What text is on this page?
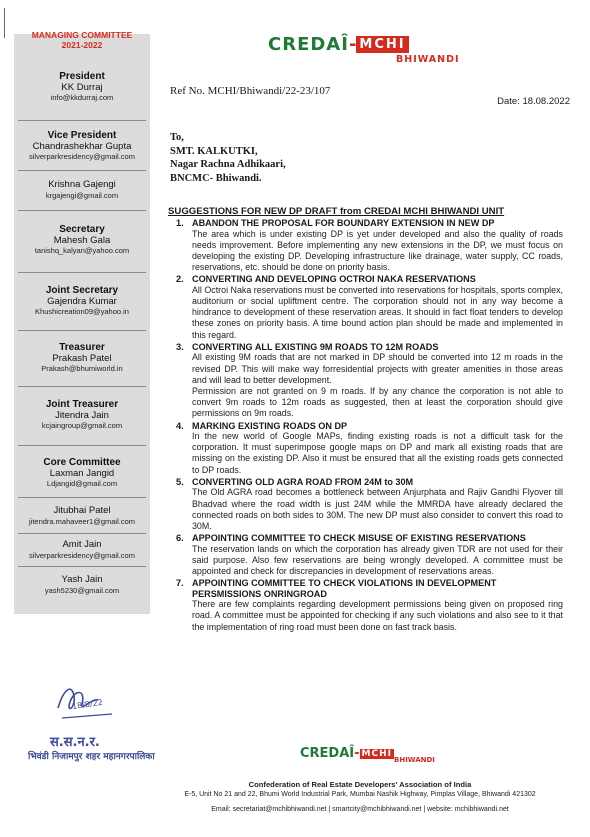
MANAGING COMMITTEE
2021-2022
President
KK Durraj
info@kkdurraj.com
Vice President
Chandrashekhar Gupta
silverparkresidency@gmail.com
Krishna Gajengi
krgajengi@gmail.com
Secretary
Mahesh Gala
tanishq_kalyan@yahoo.com
Joint Secretary
Gajendra Kumar
Khushicreation09@yahoo.in
Treasurer
Prakash Patel
Prakash@bhumiworld.in
Joint Treasurer
Jitendra Jain
kcjaingroup@gmail.com
Core Committee
Laxman Jangid
Ldjangid@gmail.com
Jitubhai Patel
jitendra.mahaveer1@gmail.com
Amit Jain
silverparkresidency@gmail.com
Yash Jain
yash5230@gmail.com
CREDAÎ- MCHI
BHIWANDI
Ref No. MCHI/Bhiwandi/22-23/107
Date: 18.08.2022
To,
SMT. KALKUTKI,
Nagar Rachna Adhikaari,
BNCMC- Bhiwandi.
SUGGESTIONS FOR NEW DP DRAFT from CREDAI MCHI BHIWANDI UNIT
1. ABANDON THE PROPOSAL FOR BOUNDARY EXTENSION IN NEW DP
The area which is under existing DP is yet under developed and also the quality of roads needs improvement. Before implementing any new extensions in the DP, we must focus on developing the existing DP. Developing infrastructure like drainage, water supply, CC roads, reservations, etc. should be done on priority basis.
2. CONVERTING AND DEVELOPING OCTROI NAKA RESERVATIONS
All Octroi Naka reservations must be converted into reservations for hospitals, sports complex, auditorium or social upliftment centre. The corporation should not in any way become a hindrance to development of these reservation areas. It should in fact float tenders to develop these zones on priority basis. A time bound action plan should be made and implemented in this regard.
3. CONVERTING ALL EXISTING 9M ROADS TO 12M ROADS
All existing 9M roads that are not marked in DP should be converted into 12 m roads in the revised DP. This will make way forresidential projects with greater amenities in those areas and will lead to better development.
Permission are not granted on 9 m roads. If by any chance the corporation is not able to convert 9m roads to 12m roads as suggested, then at least the corporation should give permissions on 9m roads.
4. MARKING EXISTING ROADS ON DP
In the new world of Google MAPs, finding existing roads is not a difficult task for the corporation. It must superimpose google maps on DP and mark all existing roads that are missing on the existing DP. Also it must be ensured that all the existing roads gets connected to DP roads.
5. CONVERTING OLD AGRA ROAD FROM 24M to 30M
The Old AGRA road becomes a bottleneck between Anjurphata and Rajiv Gandhi Flyover till Bhadvad where the road width is just 24M while the MMRDA have already declared the connected roads on both sides to 30M. The new DP must also consider to convert this road to 30M.
6. APPOINTING COMMITTEE TO CHECK MISUSE OF EXISTING RESERVATIONS
The reservation lands on which the corporation has already given TDR are not used for their said purpose. Also few reservations are being wrongly developed. A committee must be appointed and check for discrepancies in development of reservations areas.
7. APPOINTING COMMITTEE TO CHECK VIOLATIONS IN DEVELOPMENT PERSMISSIONS ONRINGROAD
There are few complaints regarding development permissions being given on proposed ring road. A committee must be appointed for checking if any such violations and also see to it that the implementation of ring road must been done on fast track basis.
18/8/22
स.स.न.र.
भिवंडी निजामपुर शहर महानगरपालिका	CREDAÎ- MCHI
BHIWANDI
Confederation of Real Estate Developers' Association of India
E-5, Unit No 21 and 22, Bhumi World Industrial Park, Mumbai Nashik Highway, Pimplas Village, Bhiwandi 421302
Email: secretariat@mchibhiwandi.net | smartcity@mchibhiwandi.net | website: mchibhiwandi.net
